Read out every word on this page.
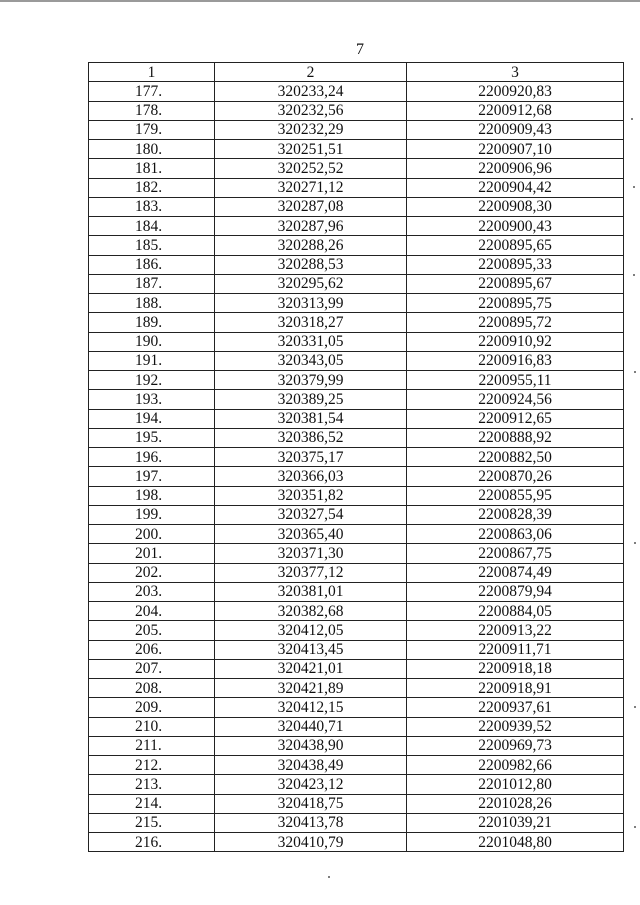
7
1	2	3
177.	320233,24	2200920,83
178.	320232,56	2200912,68
179.	320232,29	2200909,43
180.	320251,51	2200907,10
181.	320252,52	2200906,96
182.	320271,12	2200904,42
183.	320287,08	2200908,30
184.	320287,96	2200900,43
185.	320288,26	2200895,65
186.	320288,53	2200895,33
187.	320295,62	2200895,67
188.	320313,99	2200895,75
189.	320318,27	2200895,72
190.	320331,05	2200910,92
191.	320343,05	2200916,83
192.	320379,99	2200955,11
193.	320389,25	2200924,56
194.	320381,54	2200912,65
195.	320386,52	2200888,92
196.	320375,17	2200882,50
197.	320366,03	2200870,26
198.	320351,82	2200855,95
199.	320327,54	2200828,39
200.	320365,40	2200863,06
201.	320371,30	2200867,75
202.	320377,12	2200874,49
203.	320381,01	2200879,94
204.	320382,68	2200884,05
205.	320412,05	2200913,22
206.	320413,45	2200911,71
207.	320421,01	2200918,18
208.	320421,89	2200918,91
209.	320412,15	2200937,61
210.	320440,71	2200939,52
211.	320438,90	2200969,73
212.	320438,49	2200982,66
213.	320423,12	2201012,80
214.	320418,75	2201028,26
215.	320413,78	2201039,21
216.	320410,79	2201048,80
